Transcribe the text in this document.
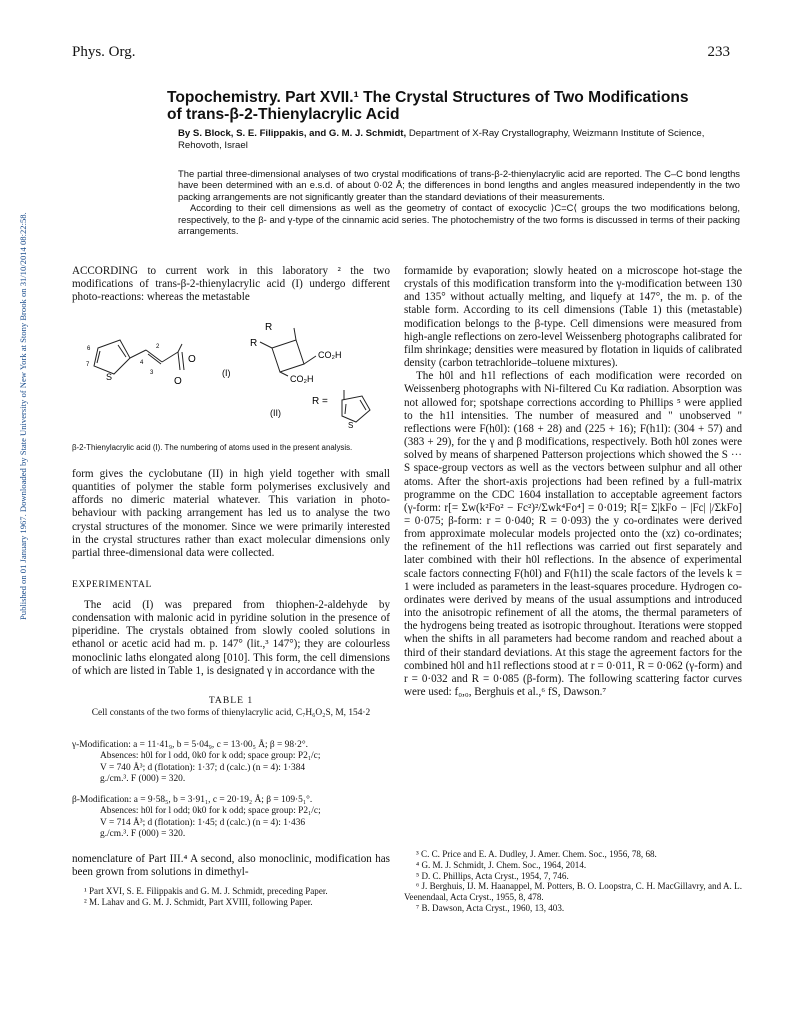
Phys. Org.	233
Published on 01 January 1967. Downloaded by State University of New York at Stony Brook on 31/10/2014 08:22:58.
Topochemistry. Part XVII.¹ The Crystal Structures of Two Modifications
of trans-β-2-Thienylacrylic Acid
By S. Block, S. E. Filippakis, and G. M. J. Schmidt, Department of X-Ray Crystallography, Weizmann Institute of Science, Rehovoth, Israel

The partial three-dimensional analyses of two crystal modifications of trans-β-2-thienylacrylic acid are reported. The C–C bond lengths have been determined with an e.s.d. of about 0·02 Å; the differences in bond lengths and angles measured independently in the two packing arrangements are not significantly greater than the standard deviations of their measurements.

According to their cell dimensions as well as the geometry of contact of exocyclic ⟩C=C⟨ groups the two modifications belong, respectively, to the β- and γ-type of the cinnamic acid series. The photochemistry of the two forms is discussed in terms of their packing arrangements.

ACCORDING to current work in this laboratory ² the two modifications of trans-β-2-thienylacrylic acid (I) undergo different photo-reactions: whereas the metastable

S
O
O
6
7	4
2
3	(I)
R
R
CO₂H
CO₂H
(II)
R =
S
β-2-Thienylacrylic acid (I). The numbering of atoms used in the present analysis.

form gives the cyclobutane (II) in high yield together with small quantities of polymer the stable form polymerises exclusively and affords no dimeric material whatever. This variation in photo-behaviour with packing arrangement has led us to analyse the two crystal structures of the monomer. Since we were primarily interested in the crystal structures rather than exact molecular dimensions only partial three-dimensional data were collected.

EXPERIMENTAL

The acid (I) was prepared from thiophen-2-aldehyde by condensation with malonic acid in pyridine solution in the presence of piperidine. The crystals obtained from slowly cooled solutions in ethanol or acetic acid had m. p. 147° (lit.,³ 147°); they are colourless monoclinic laths elongated along [010]. This form, the cell dimensions of which are listed in Table 1, is designated γ in accordance with the

TABLE 1
Cell constants of the two forms of thienylacrylic acid, C₇H₆O₂S, M, 154·2
γ-Modification: a = 11·41₉, b = 5·04₉, c = 13·00₅ Å; β = 98·2°.
Absences: h0l for l odd, 0k0 for k odd; space group: P2₁/c;
V = 740 Å³; d (flotation): 1·37; d (calc.) (n = 4): 1·384
g./cm.³. F (000) = 320.
β-Modification: a = 9·58₅, b = 3·91₁, c = 20·19₂ Å; β = 109·5₁°.
Absences: h0l for l odd; 0k0 for k odd; space group: P2₁/c;
V = 714 Å³; d (flotation): 1·45; d (calc.) (n = 4): 1·436
g./cm.³. F (000) = 320.

nomenclature of Part III.⁴ A second, also monoclinic, modification has been grown from solutions in dimethyl-

¹ Part XVI, S. E. Filippakis and G. M. J. Schmidt, preceding Paper.

² M. Lahav and G. M. J. Schmidt, Part XVIII, following Paper.

formamide by evaporation; slowly heated on a microscope hot-stage the crystals of this modification transform into the γ-modification between 130 and 135° without actually melting, and liquefy at 147°, the m. p. of the stable form. According to its cell dimensions (Table 1) this (metastable) modification belongs to the β-type. Cell dimensions were measured from high-angle reflections on zero-level Weissenberg photographs calibrated for film shrinkage; densities were measured by flotation in liquids of calibrated density (carbon tetrachloride–toluene mixtures).

The h0l and h1l reflections of each modification were recorded on Weissenberg photographs with Ni-filtered Cu Kα radiation. Absorption was not allowed for; spotshape corrections according to Phillips ⁵ were applied to the h1l intensities. The number of measured and " unobserved " reflections were F(h0l): (168 + 28) and (225 + 16); F(h1l): (304 + 57) and (383 + 29), for the γ and β modifications, respectively. Both h0l zones were solved by means of sharpened Patterson projections which showed the S ··· S space-group vectors as well as the vectors between sulphur and all other atoms. After the short-axis projections had been refined by a full-matrix programme on the CDC 1604 installation to acceptable agreement factors (γ-form: r[= Σw(k²Fo² − Fc²)²/Σwk⁴Fo⁴] = 0·019; R[= Σ|kFo − |Fc| |/ΣkFo] = 0·075; β-form: r = 0·040; R = 0·093) the y co-ordinates were derived from approximate molecular models projected onto the (xz) co-ordinates; the refinement of the h1l reflections was carried out first separately and later combined with their h0l reflections. In the absence of experimental scale factors connecting F(h0l) and F(h1l) the scale factors of the levels k = 1 were included as parameters in the least-squares procedure. Hydrogen co-ordinates were derived by means of the usual assumptions and introduced into the anisotropic refinement of all the atoms, the thermal parameters of the hydrogens being treated as isotropic throughout. Iterations were stopped when the shifts in all parameters had become random and reached about a third of their standard deviations. At this stage the agreement factors for the combined h0l and h1l reflections stood at r = 0·011, R = 0·062 (γ-form) and r = 0·032 and R = 0·085 (β-form). The following scattering factor curves were used: f₀,₀, Berghuis et al.,⁶ fS, Dawson.⁷

³ C. C. Price and E. A. Dudley, J. Amer. Chem. Soc., 1956, 78, 68.

⁴ G. M. J. Schmidt, J. Chem. Soc., 1964, 2014.

⁵ D. C. Phillips, Acta Cryst., 1954, 7, 746.

⁶ J. Berghuis, IJ. M. Haanappel, M. Potters, B. O. Loopstra, C. H. MacGillavry, and A. L. Veenendaal, Acta Cryst., 1955, 8, 478.

⁷ B. Dawson, Acta Cryst., 1960, 13, 403.
